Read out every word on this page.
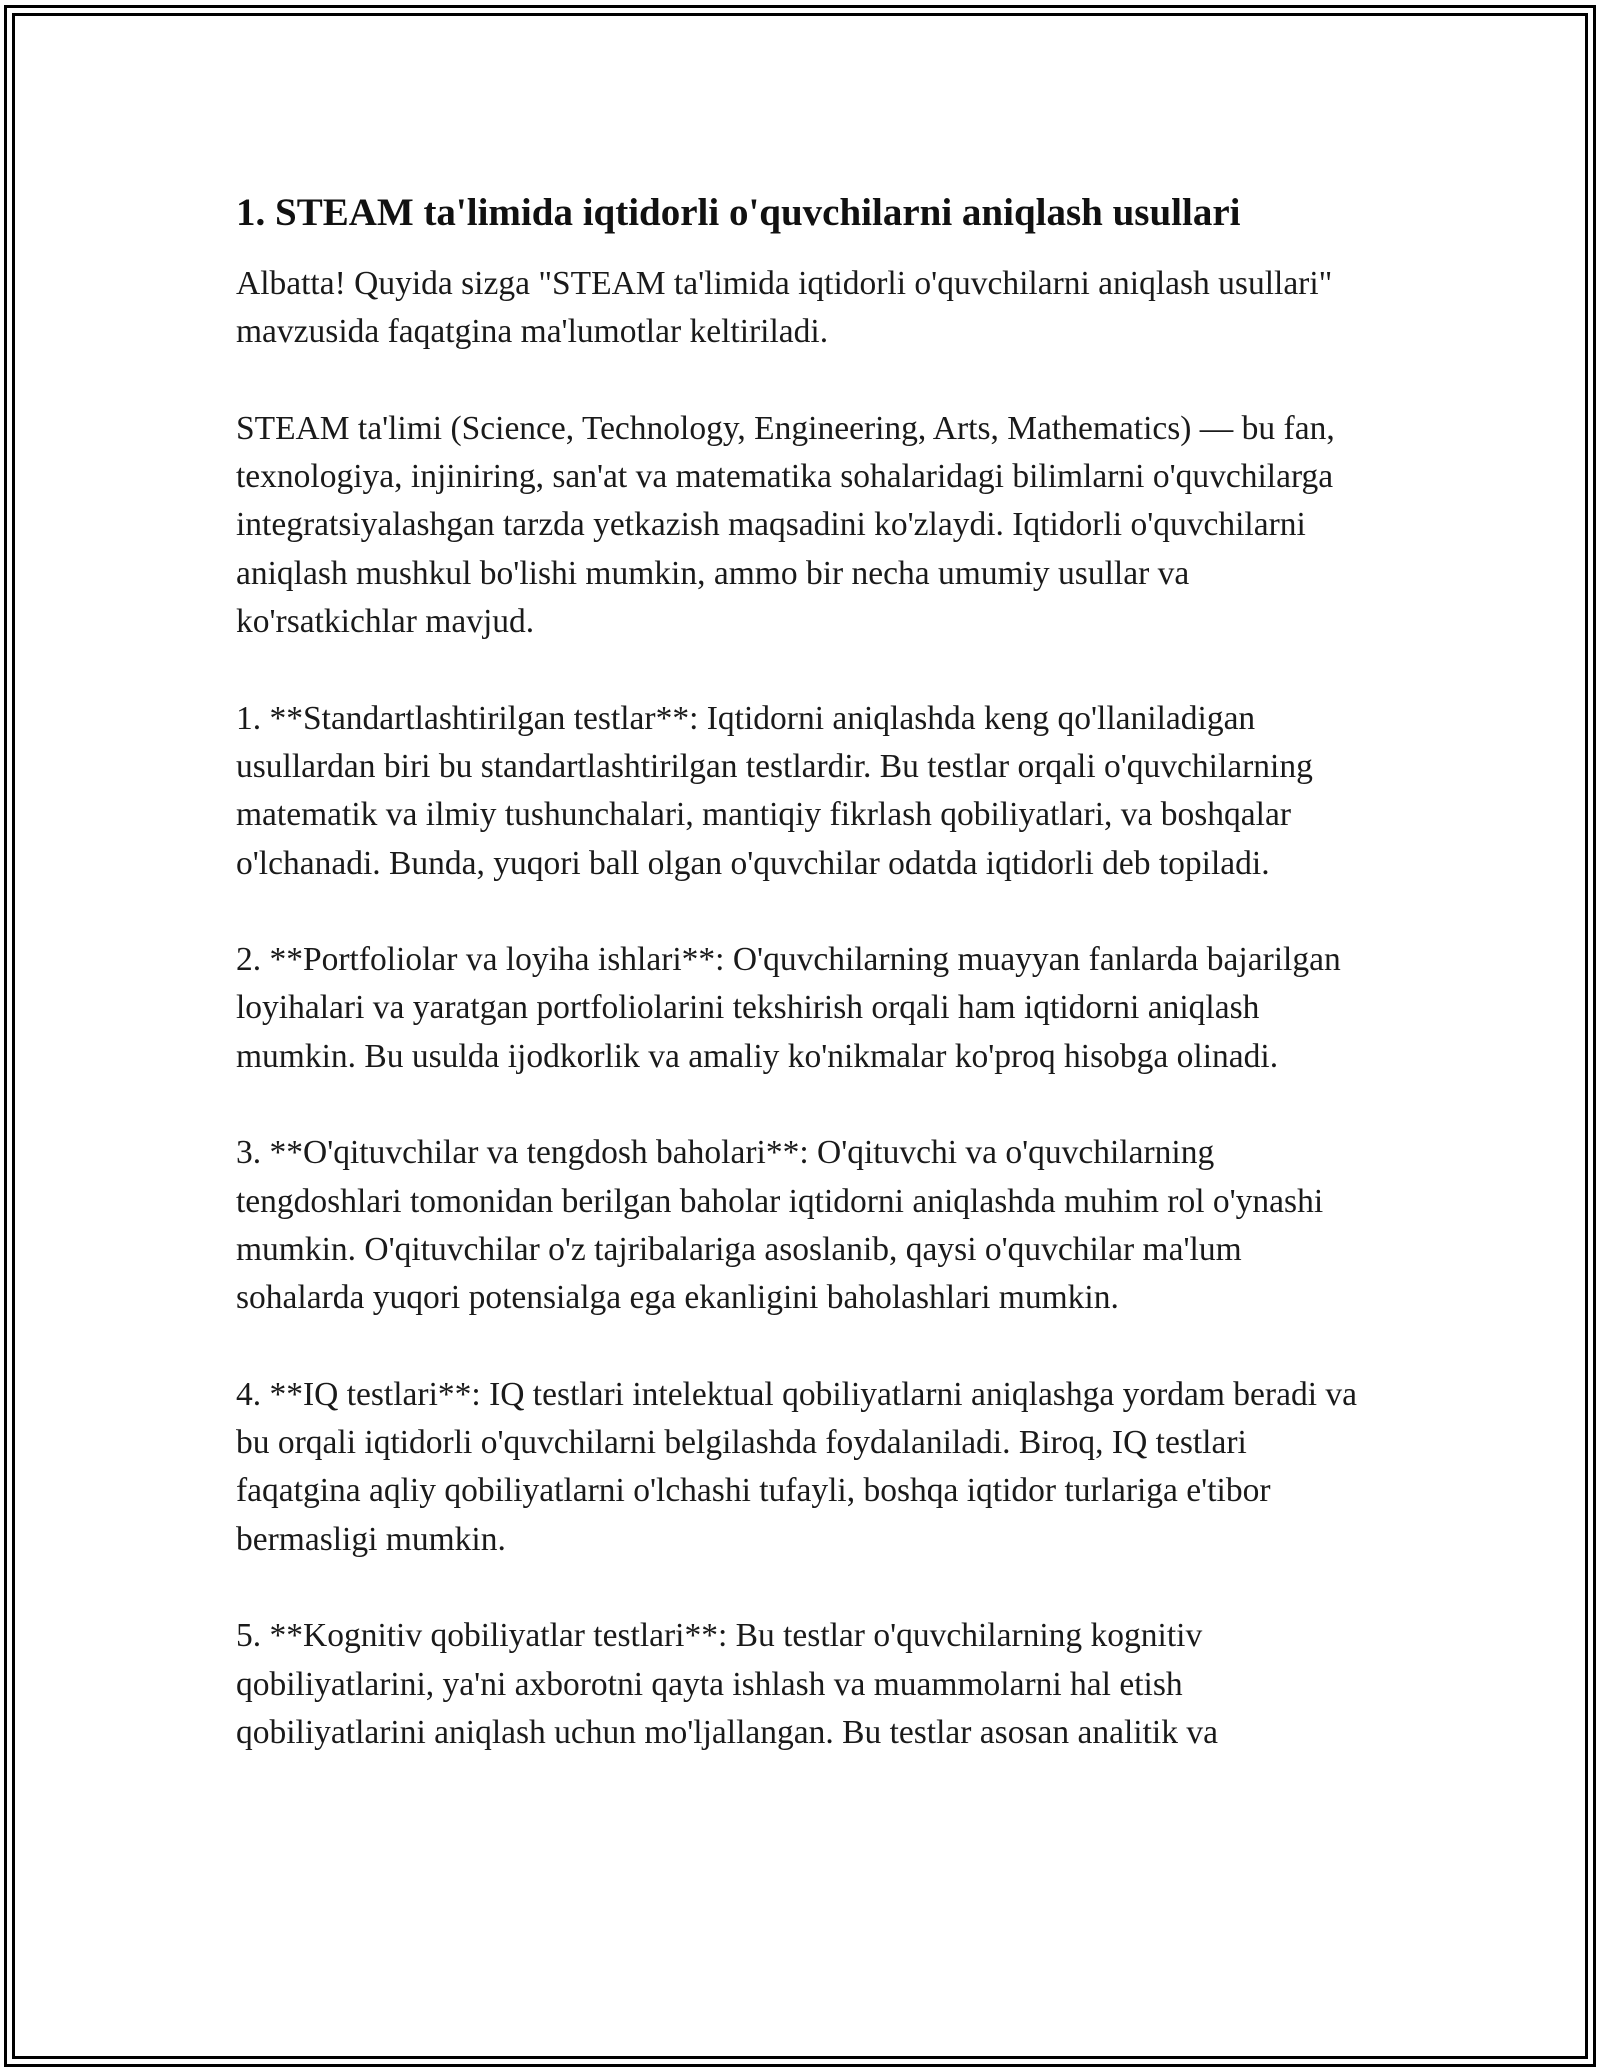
1. STEAM ta'limida iqtidorli o'quvchilarni aniqlash usullari

Albatta! Quyida sizga "STEAM ta'limida iqtidorli o'quvchilarni aniqlash usullari" mavzusida faqatgina ma'lumotlar keltiriladi.

STEAM ta'limi (Science, Technology, Engineering, Arts, Mathematics) — bu fan, texnologiya, injiniring, san'at va matematika sohalaridagi bilimlarni o'quvchilarga integratsiyalashgan tarzda yetkazish maqsadini ko'zlaydi. Iqtidorli o'quvchilarni aniqlash mushkul bo'lishi mumkin, ammo bir necha umumiy usullar va ko'rsatkichlar mavjud.

1. **Standartlashtirilgan testlar**: Iqtidorni aniqlashda keng qo'llaniladigan usullardan biri bu standartlashtirilgan testlardir. Bu testlar orqali o'quvchilarning matematik va ilmiy tushunchalari, mantiqiy fikrlash qobiliyatlari, va boshqalar o'lchanadi. Bunda, yuqori ball olgan o'quvchilar odatda iqtidorli deb topiladi.

2. **Portfoliolar va loyiha ishlari**: O'quvchilarning muayyan fanlarda bajarilgan loyihalari va yaratgan portfoliolarini tekshirish orqali ham iqtidorni aniqlash mumkin. Bu usulda ijodkorlik va amaliy ko'nikmalar ko'proq hisobga olinadi.

3. **O'qituvchilar va tengdosh baholari**: O'qituvchi va o'quvchilarning tengdoshlari tomonidan berilgan baholar iqtidorni aniqlashda muhim rol o'ynashi mumkin. O'qituvchilar o'z tajribalariga asoslanib, qaysi o'quvchilar ma'lum sohalarda yuqori potensialga ega ekanligini baholashlari mumkin.

4. **IQ testlari**: IQ testlari intelektual qobiliyatlarni aniqlashga yordam beradi va bu orqali iqtidorli o'quvchilarni belgilashda foydalaniladi. Biroq, IQ testlari faqatgina aqliy qobiliyatlarni o'lchashi tufayli, boshqa iqtidor turlariga e'tibor bermasligi mumkin.

5. **Kognitiv qobiliyatlar testlari**: Bu testlar o'quvchilarning kognitiv qobiliyatlarini, ya'ni axborotni qayta ishlash va muammolarni hal etish qobiliyatlarini aniqlash uchun mo'ljallangan. Bu testlar asosan analitik va
